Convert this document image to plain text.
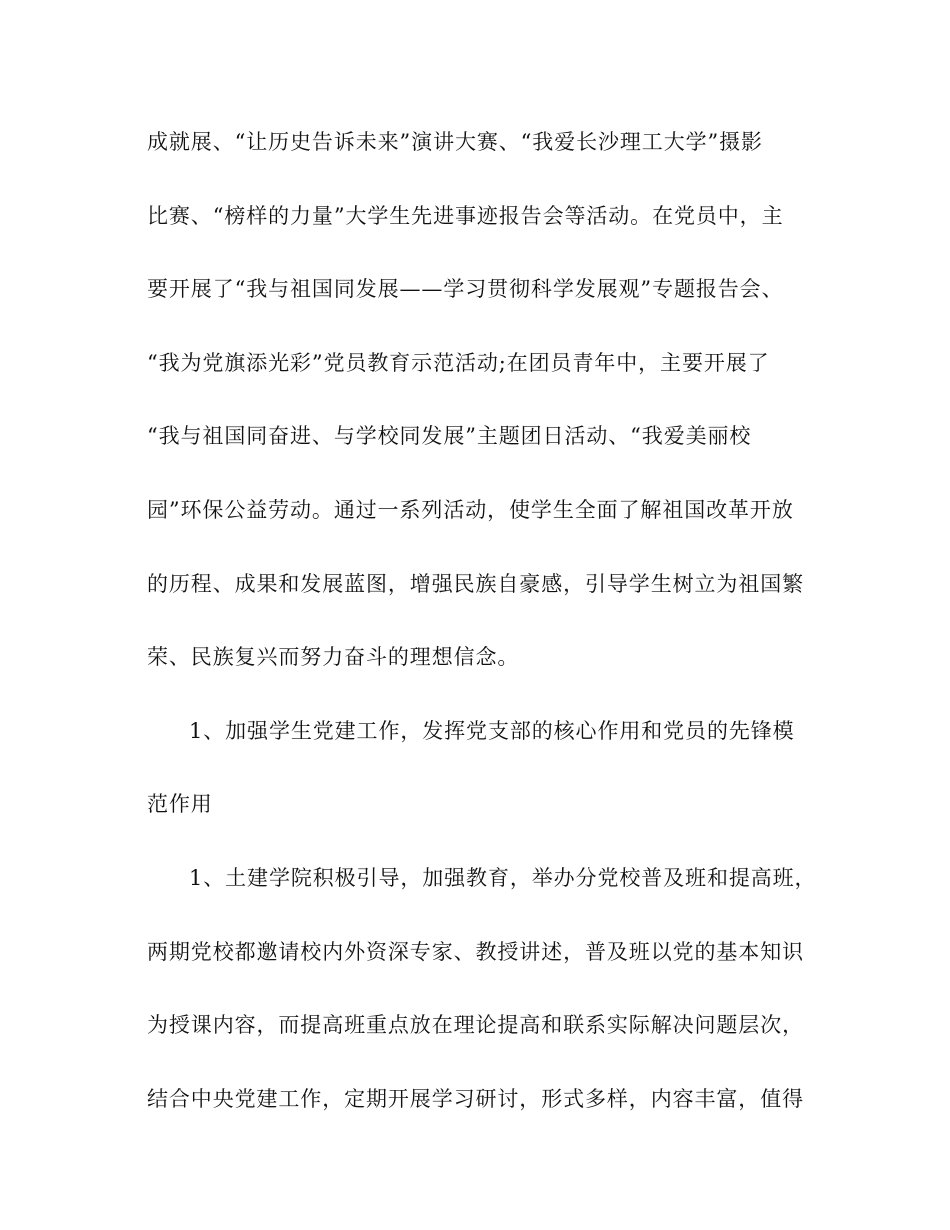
成就展、“让历史告诉未来”演讲大赛、“我爱长沙理工大学”摄影
比赛、“榜样的力量”大学生先进事迹报告会等活动。在党员中，主
要开展了“我与祖国同发展——学习贯彻科学发展观”专题报告会、
“我为党旗添光彩”党员教育示范活动;在团员青年中，主要开展了
“我与祖国同奋进、与学校同发展”主题团日活动、“我爱美丽校
园”环保公益劳动。通过一系列活动，使学生全面了解祖国改革开放
的历程、成果和发展蓝图，增强民族自豪感，引导学生树立为祖国繁
荣、民族复兴而努力奋斗的理想信念。
1、加强学生党建工作，发挥党支部的核心作用和党员的先锋模
范作用
1、土建学院积极引导，加强教育，举办分党校普及班和提高班，
两期党校都邀请校内外资深专家、教授讲述，普及班以党的基本知识
为授课内容，而提高班重点放在理论提高和联系实际解决问题层次，
结合中央党建工作，定期开展学习研讨，形式多样，内容丰富，值得
